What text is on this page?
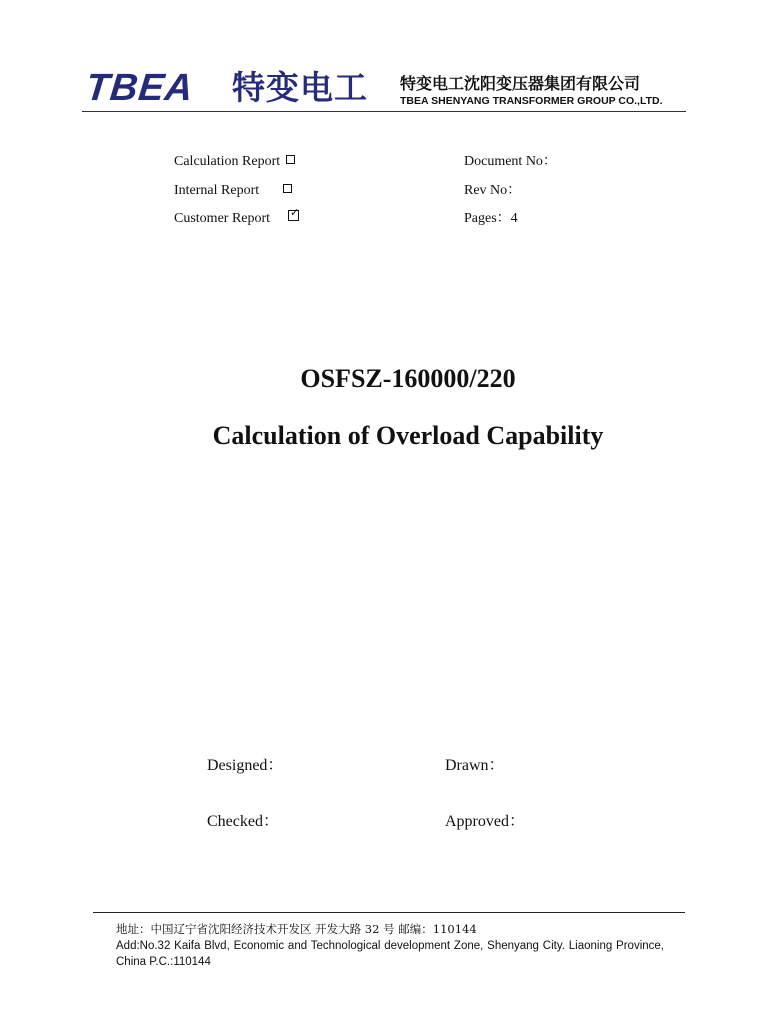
TBEA 特变电工 特变电工沈阳变压器集团有限公司
TBEA SHENYANG TRANSFORMER GROUP CO.,LTD.
Calculation Report
Internal Report
Customer Report ✓
Document No：
Rev No：
Pages：4
OSFSZ-160000/220
Calculation of Overload Capability
Designed：	Drawn：
Checked：	Approved：
地址：中国辽宁省沈阳经济技术开发区 开发大路 32 号 邮编：110144
Add:No.32 Kaifa Blvd, Economic and Technological development Zone, Shenyang City. Liaoning Province, China P.C.:110144
